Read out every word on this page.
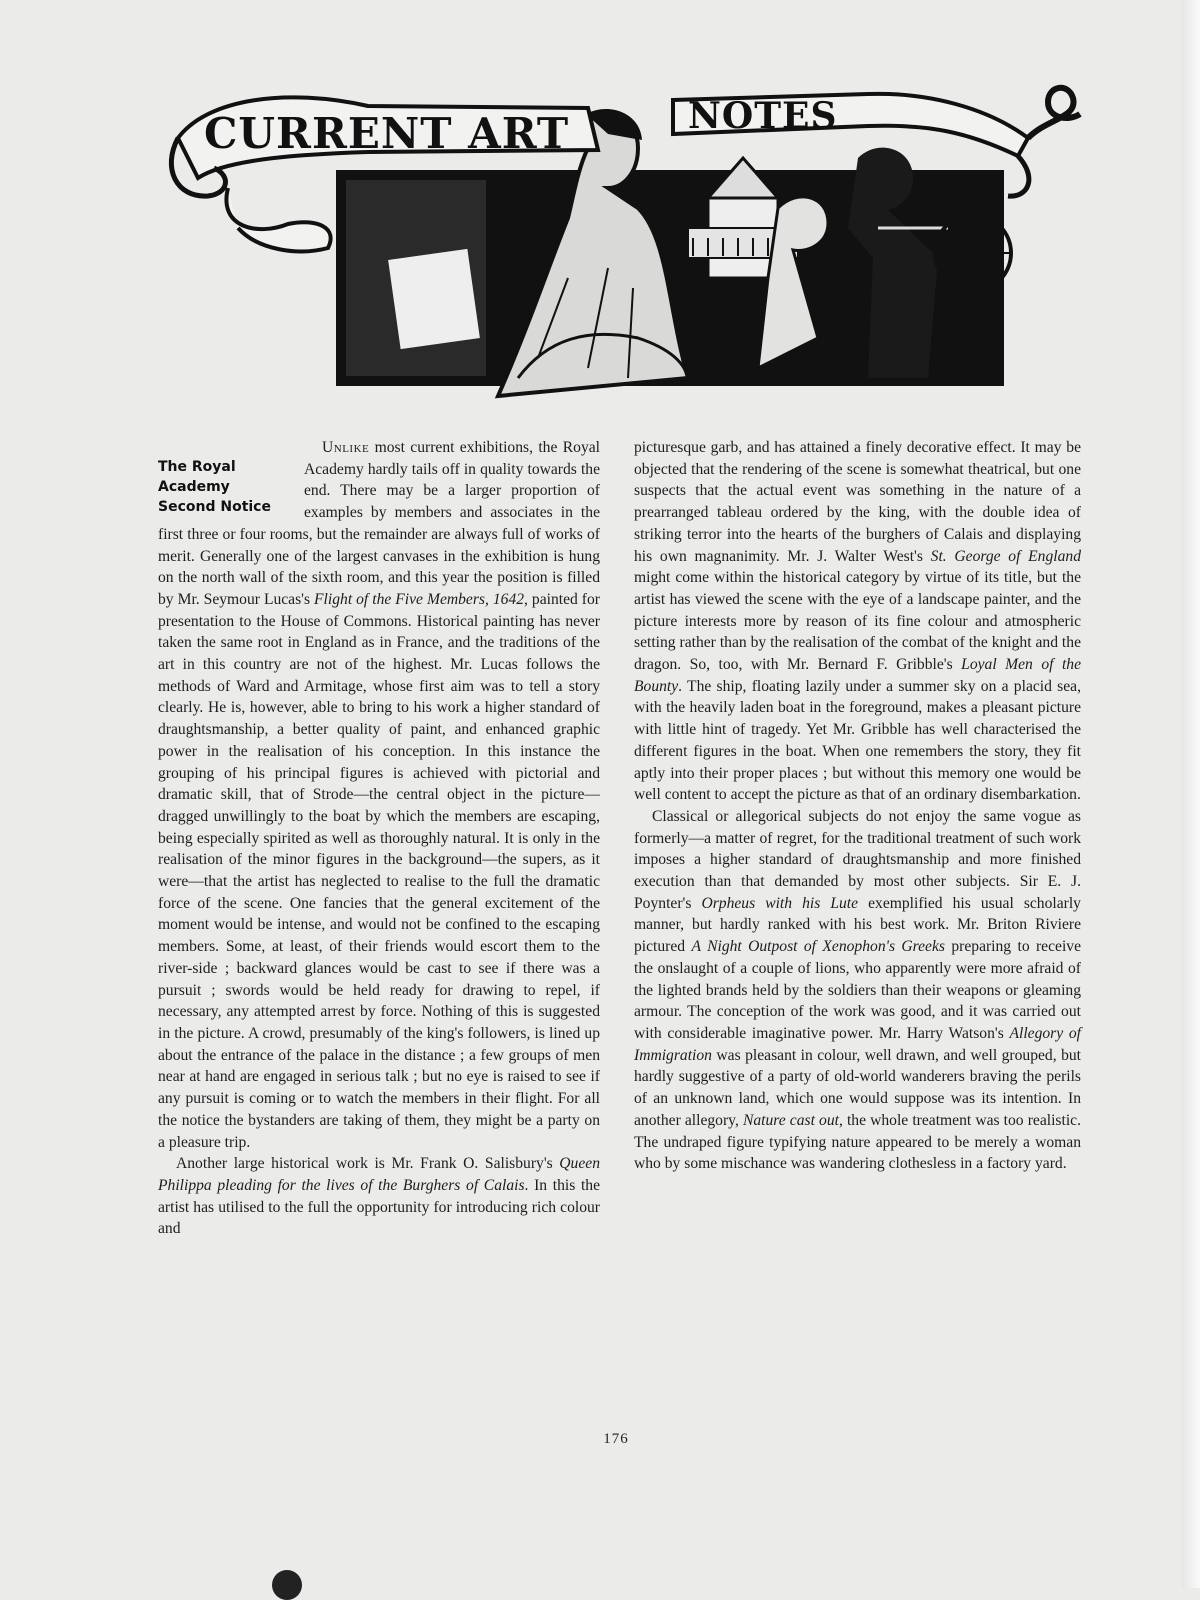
CURRENT ART	NOTES
The Royal
Academy
Second Notice

Unlike most current exhibitions, the Royal Academy hardly tails off in quality towards the end. There may be a larger proportion of examples by members and associates in the first three or four rooms, but the remainder are always full of works of merit. Generally one of the largest canvases in the exhibition is hung on the north wall of the sixth room, and this year the position is filled by Mr. Seymour Lucas's Flight of the Five Members, 1642, painted for presentation to the House of Commons. Historical painting has never taken the same root in England as in France, and the traditions of the art in this country are not of the highest. Mr. Lucas follows the methods of Ward and Armitage, whose first aim was to tell a story clearly. He is, however, able to bring to his work a higher standard of draughtsmanship, a better quality of paint, and enhanced graphic power in the realisation of his conception. In this instance the grouping of his principal figures is achieved with pictorial and dramatic skill, that of Strode—the central object in the picture—dragged unwillingly to the boat by which the members are escaping, being especially spirited as well as thoroughly natural. It is only in the realisation of the minor figures in the background—the supers, as it were—that the artist has neglected to realise to the full the dramatic force of the scene. One fancies that the general excitement of the moment would be intense, and would not be confined to the escaping members. Some, at least, of their friends would escort them to the river-side ; backward glances would be cast to see if there was a pursuit ; swords would be held ready for drawing to repel, if necessary, any attempted arrest by force. Nothing of this is suggested in the picture. A crowd, presumably of the king's followers, is lined up about the entrance of the palace in the distance ; a few groups of men near at hand are engaged in serious talk ; but no eye is raised to see if any pursuit is coming or to watch the members in their flight. For all the notice the bystanders are taking of them, they might be a party on a pleasure trip.

Another large historical work is Mr. Frank O. Salisbury's Queen Philippa pleading for the lives of the Burghers of Calais. In this the artist has utilised to the full the opportunity for introducing rich colour and

picturesque garb, and has attained a finely decorative effect. It may be objected that the rendering of the scene is somewhat theatrical, but one suspects that the actual event was something in the nature of a prearranged tableau ordered by the king, with the double idea of striking terror into the hearts of the burghers of Calais and displaying his own magnanimity. Mr. J. Walter West's St. George of England might come within the historical category by virtue of its title, but the artist has viewed the scene with the eye of a landscape painter, and the picture interests more by reason of its fine colour and atmospheric setting rather than by the realisation of the combat of the knight and the dragon. So, too, with Mr. Bernard F. Gribble's Loyal Men of the Bounty. The ship, floating lazily under a summer sky on a placid sea, with the heavily laden boat in the foreground, makes a pleasant picture with little hint of tragedy. Yet Mr. Gribble has well characterised the different figures in the boat. When one remembers the story, they fit aptly into their proper places ; but without this memory one would be well content to accept the picture as that of an ordinary disembarkation.

Classical or allegorical subjects do not enjoy the same vogue as formerly—a matter of regret, for the traditional treatment of such work imposes a higher standard of draughtsmanship and more finished execution than that demanded by most other subjects. Sir E. J. Poynter's Orpheus with his Lute exemplified his usual scholarly manner, but hardly ranked with his best work. Mr. Briton Riviere pictured A Night Outpost of Xenophon's Greeks preparing to receive the onslaught of a couple of lions, who apparently were more afraid of the lighted brands held by the soldiers than their weapons or gleaming armour. The conception of the work was good, and it was carried out with considerable imaginative power. Mr. Harry Watson's Allegory of Immigration was pleasant in colour, well drawn, and well grouped, but hardly suggestive of a party of old-world wanderers braving the perils of an unknown land, which one would suppose was its intention. In another allegory, Nature cast out, the whole treatment was too realistic. The undraped figure typifying nature appeared to be merely a woman who by some mischance was wandering clothesless in a factory yard.

176
